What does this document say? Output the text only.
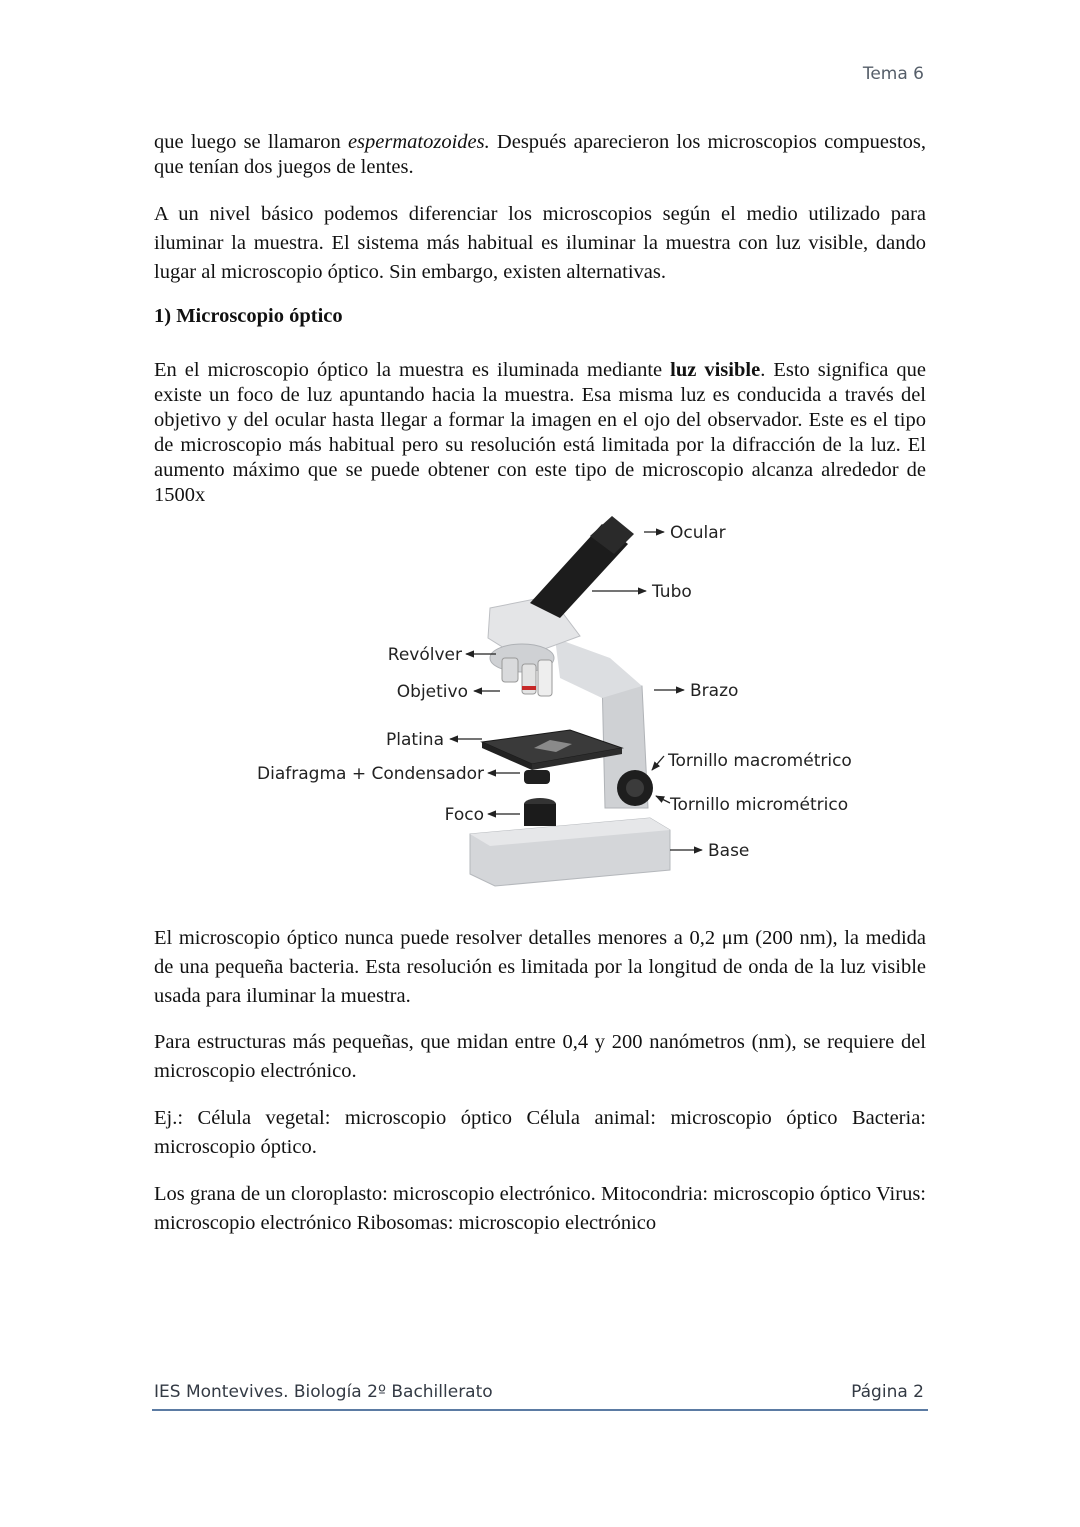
Tema 6

que luego se llamaron espermatozoides. Después aparecieron los microscopios compuestos, que tenían dos juegos de lentes.

A un nivel básico podemos diferenciar los microscopios según el medio utilizado para iluminar la muestra. El sistema más habitual es iluminar la muestra con luz visible, dando lugar al microscopio óptico. Sin embargo, existen alternativas.

1) Microscopio óptico

En el microscopio óptico la muestra es iluminada mediante luz visible. Esto significa que existe un foco de luz apuntando hacia la muestra. Esa misma luz es conducida a través del objetivo y del ocular hasta llegar a formar la imagen en el ojo del observador. Este es el tipo de microscopio más habitual pero su resolución está limitada por la difracción de la luz. El aumento máximo que se puede obtener con este tipo de microscopio alcanza alrededor de 1500x

Ocular
Tubo
Brazo
Tornillo macrométrico
Tornillo micrométrico
Base
Revólver
Objetivo
Platina
Diafragma + Condensador
Foco

El microscopio óptico nunca puede resolver detalles menores a 0,2 μm (200 nm), la medida de una pequeña bacteria. Esta resolución es limitada por la longitud de onda de la luz visible usada para iluminar la muestra.

Para estructuras más pequeñas, que midan entre 0,4 y 200 nanómetros (nm), se requiere del microscopio electrónico.

Ej.: Célula vegetal: microscopio óptico Célula animal: microscopio óptico Bacteria: microscopio óptico.

Los grana de un cloroplasto: microscopio electrónico. Mitocondria: microscopio óptico Virus: microscopio electrónico Ribosomas: microscopio electrónico

IES Montevives. Biología 2º Bachillerato	Página 2
